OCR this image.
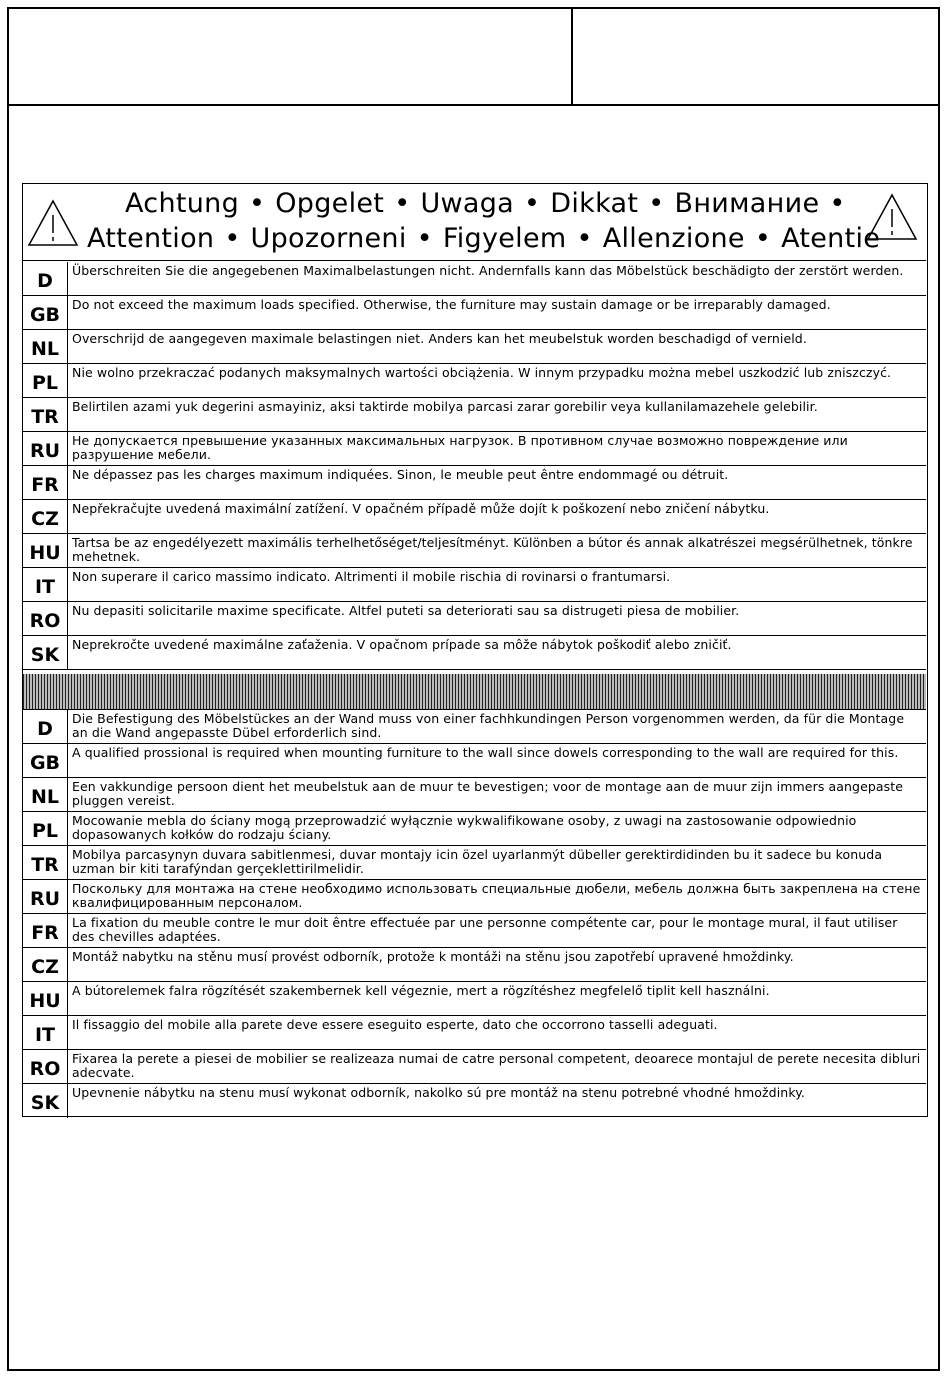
Achtung • Opgelet • Uwaga • Dikkat • Внимание •
Attention • Upozorneni • Figyelem • Allenzione • Atentie
D	Überschreiten Sie die angegebenen Maximalbelastungen nicht. Andernfalls kann das Möbelstück beschädigto der zerstört werden.
GB Do not exceed the maximum loads specified. Otherwise, the furniture may sustain damage or be irreparably damaged.
NL	Overschrijd de aangegeven maximale belastingen niet. Anders kan het meubelstuk worden beschadigd of vernield.
PL	Nie wolno przekraczać podanych maksymalnych wartości obciążenia. W innym przypadku można mebel uszkodzić lub zniszczyć.
TR	Belirtilen azami yuk degerini asmayiniz, aksi taktirde mobilya parcasi zarar gorebilir veya kullanilamazehele gelebilir.
RU Не допускается превышение указанных максимальных нагрузок. В противном случае возможно повреждение или разрушение мебели.
FR	Ne dépassez pas les charges maximum indiquées. Sinon, le meuble peut êntre endommagé ou détruit.
CZ	Nepřekračujte uvedená maximální zatížení. V opačném případě může dojít k poškození nebo zničení nábytku.
HU Tartsa be az engedélyezett maximális terhelhetőséget/teljesítményt. Különben a bútor és annak alkatrészei megsérülhetnek, tönkre mehetnek.
IT	Non superare il carico massimo indicato. Altrimenti il mobile rischia di rovinarsi o frantumarsi.
RO Nu depasiti solicitarile maxime specificate. Altfel puteti sa deteriorati sau sa distrugeti piesa de mobilier.
SK	Neprekročte uvedené maximálne zaťaženia. V opačnom prípade sa môže nábytok poškodiť alebo zničiť.
D	Die Befestigung des Möbelstückes an der Wand muss von einer fachhkundingen Person vorgenommen werden, da für die Montage an die Wand angepasste Dübel erforderlich sind.
GB A qualified prossional is required when mounting furniture to the wall since dowels corresponding to the wall are required for this.
NL	Een vakkundige persoon dient het meubelstuk aan de muur te bevestigen; voor de montage aan de muur zijn immers aangepaste pluggen vereist.
PL	Mocowanie mebla do ściany mogą przeprowadzić wyłącznie wykwalifikowane osoby, z uwagi na zastosowanie odpowiednio dopasowanych kołków do rodzaju ściany.
TR	Mobilya parcasynyn duvara sabitlenmesi, duvar montajy icin özel uyarlanmýt dübeller gerektirdidinden bu it sadece bu konuda uzman bir kiti tarafýndan gerçeklettirilmelidir.
RU Поскольку для монтажа на стене необходимо использовать специальные дюбели, мебель должна быть закреплена на стене квалифицированным персоналом.
FR	La fixation du meuble contre le mur doit êntre effectuée par une personne compétente car, pour le montage mural, il faut utiliser des chevilles adaptées.
CZ	Montáž nabytku na stěnu musí provést odborník, protože k montáži na stěnu jsou zapotřebí upravené hmoždinky.
HU A bútorelemek falra rögzítését szakembernek kell végeznie, mert a rögzítéshez megfelelő tiplit kell használni.
IT	Il fissaggio del mobile alla parete deve essere eseguito esperte, dato che occorrono tasselli adeguati.
RO Fixarea la perete a piesei de mobilier se realizeaza numai de catre personal competent, deoarece montajul de perete necesita dibluri adecvate.
SK	Upevnenie nábytku na stenu musí wykonat odborník, nakolko sú pre montáž na stenu potrebné vhodné hmoždinky.
